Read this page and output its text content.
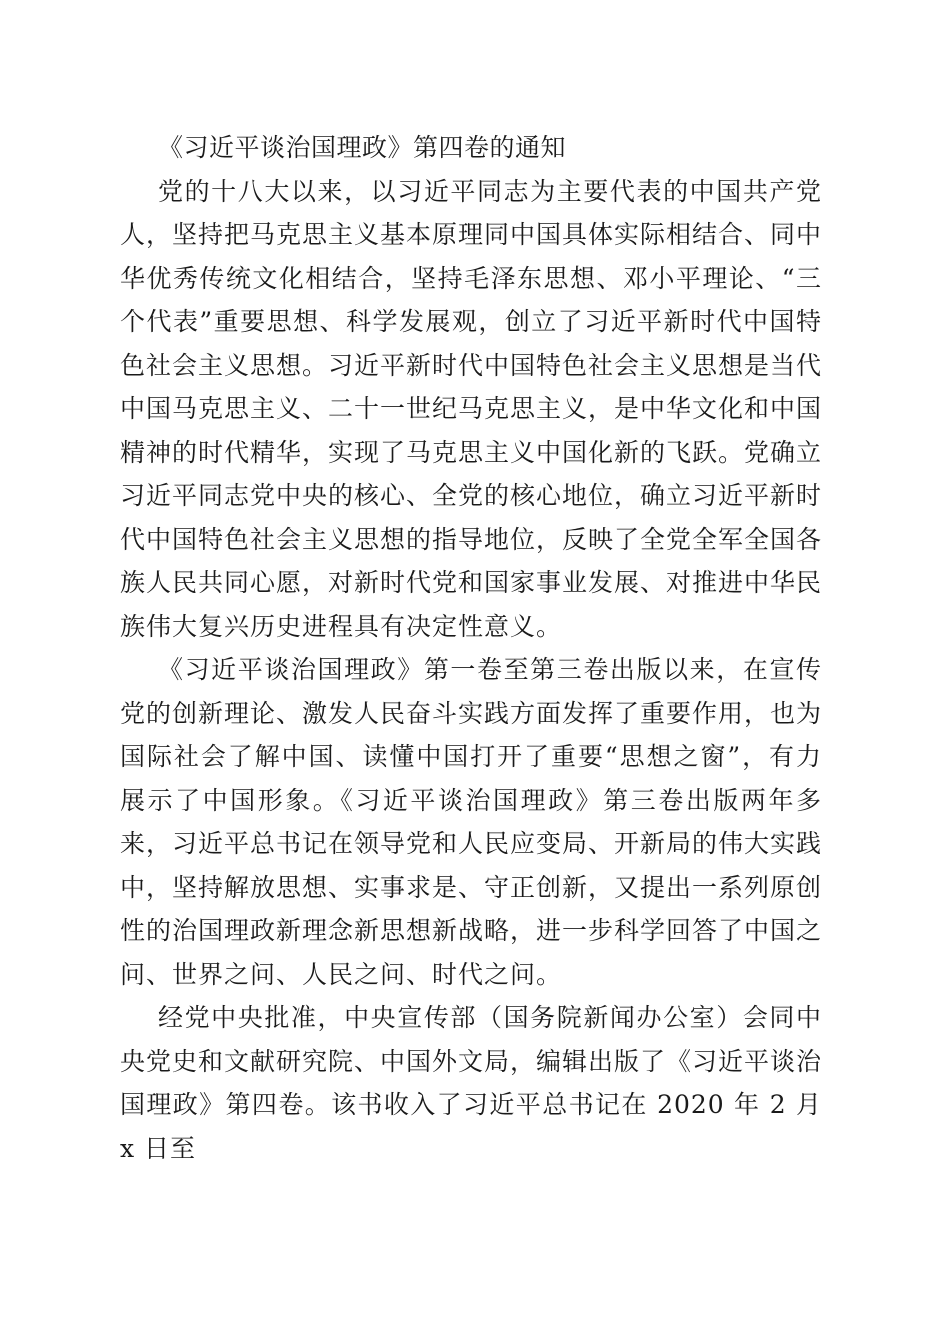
《习近平谈治国理政》第四卷的通知

党的十八大以来，以习近平同志为主要代表的中国共产党人，坚持把马克思主义基本原理同中国具体实际相结合、同中华优秀传统文化相结合，坚持毛泽东思想、邓小平理论、“三个代表”重要思想、科学发展观，创立了习近平新时代中国特色社会主义思想。习近平新时代中国特色社会主义思想是当代中国马克思主义、二十一世纪马克思主义，是中华文化和中国精神的时代精华，实现了马克思主义中国化新的飞跃。党确立习近平同志党中央的核心、全党的核心地位，确立习近平新时代中国特色社会主义思想的指导地位，反映了全党全军全国各族人民共同心愿，对新时代党和国家事业发展、对推进中华民族伟大复兴历史进程具有决定性意义。

《习近平谈治国理政》第一卷至第三卷出版以来，在宣传党的创新理论、激发人民奋斗实践方面发挥了重要作用，也为国际社会了解中国、读懂中国打开了重要“思想之窗”，有力展示了中国形象。《习近平谈治国理政》第三卷出版两年多来，习近平总书记在领导党和人民应变局、开新局的伟大实践中，坚持解放思想、实事求是、守正创新，又提出一系列原创性的治国理政新理念新思想新战略，进一步科学回答了中国之问、世界之问、人民之问、时代之问。

经党中央批准，中央宣传部（国务院新闻办公室）会同中央党史和文献研究院、中国外文局，编辑出版了《习近平谈治国理政》第四卷。该书收入了习近平总书记在 2020 年 2 月 x 日至
